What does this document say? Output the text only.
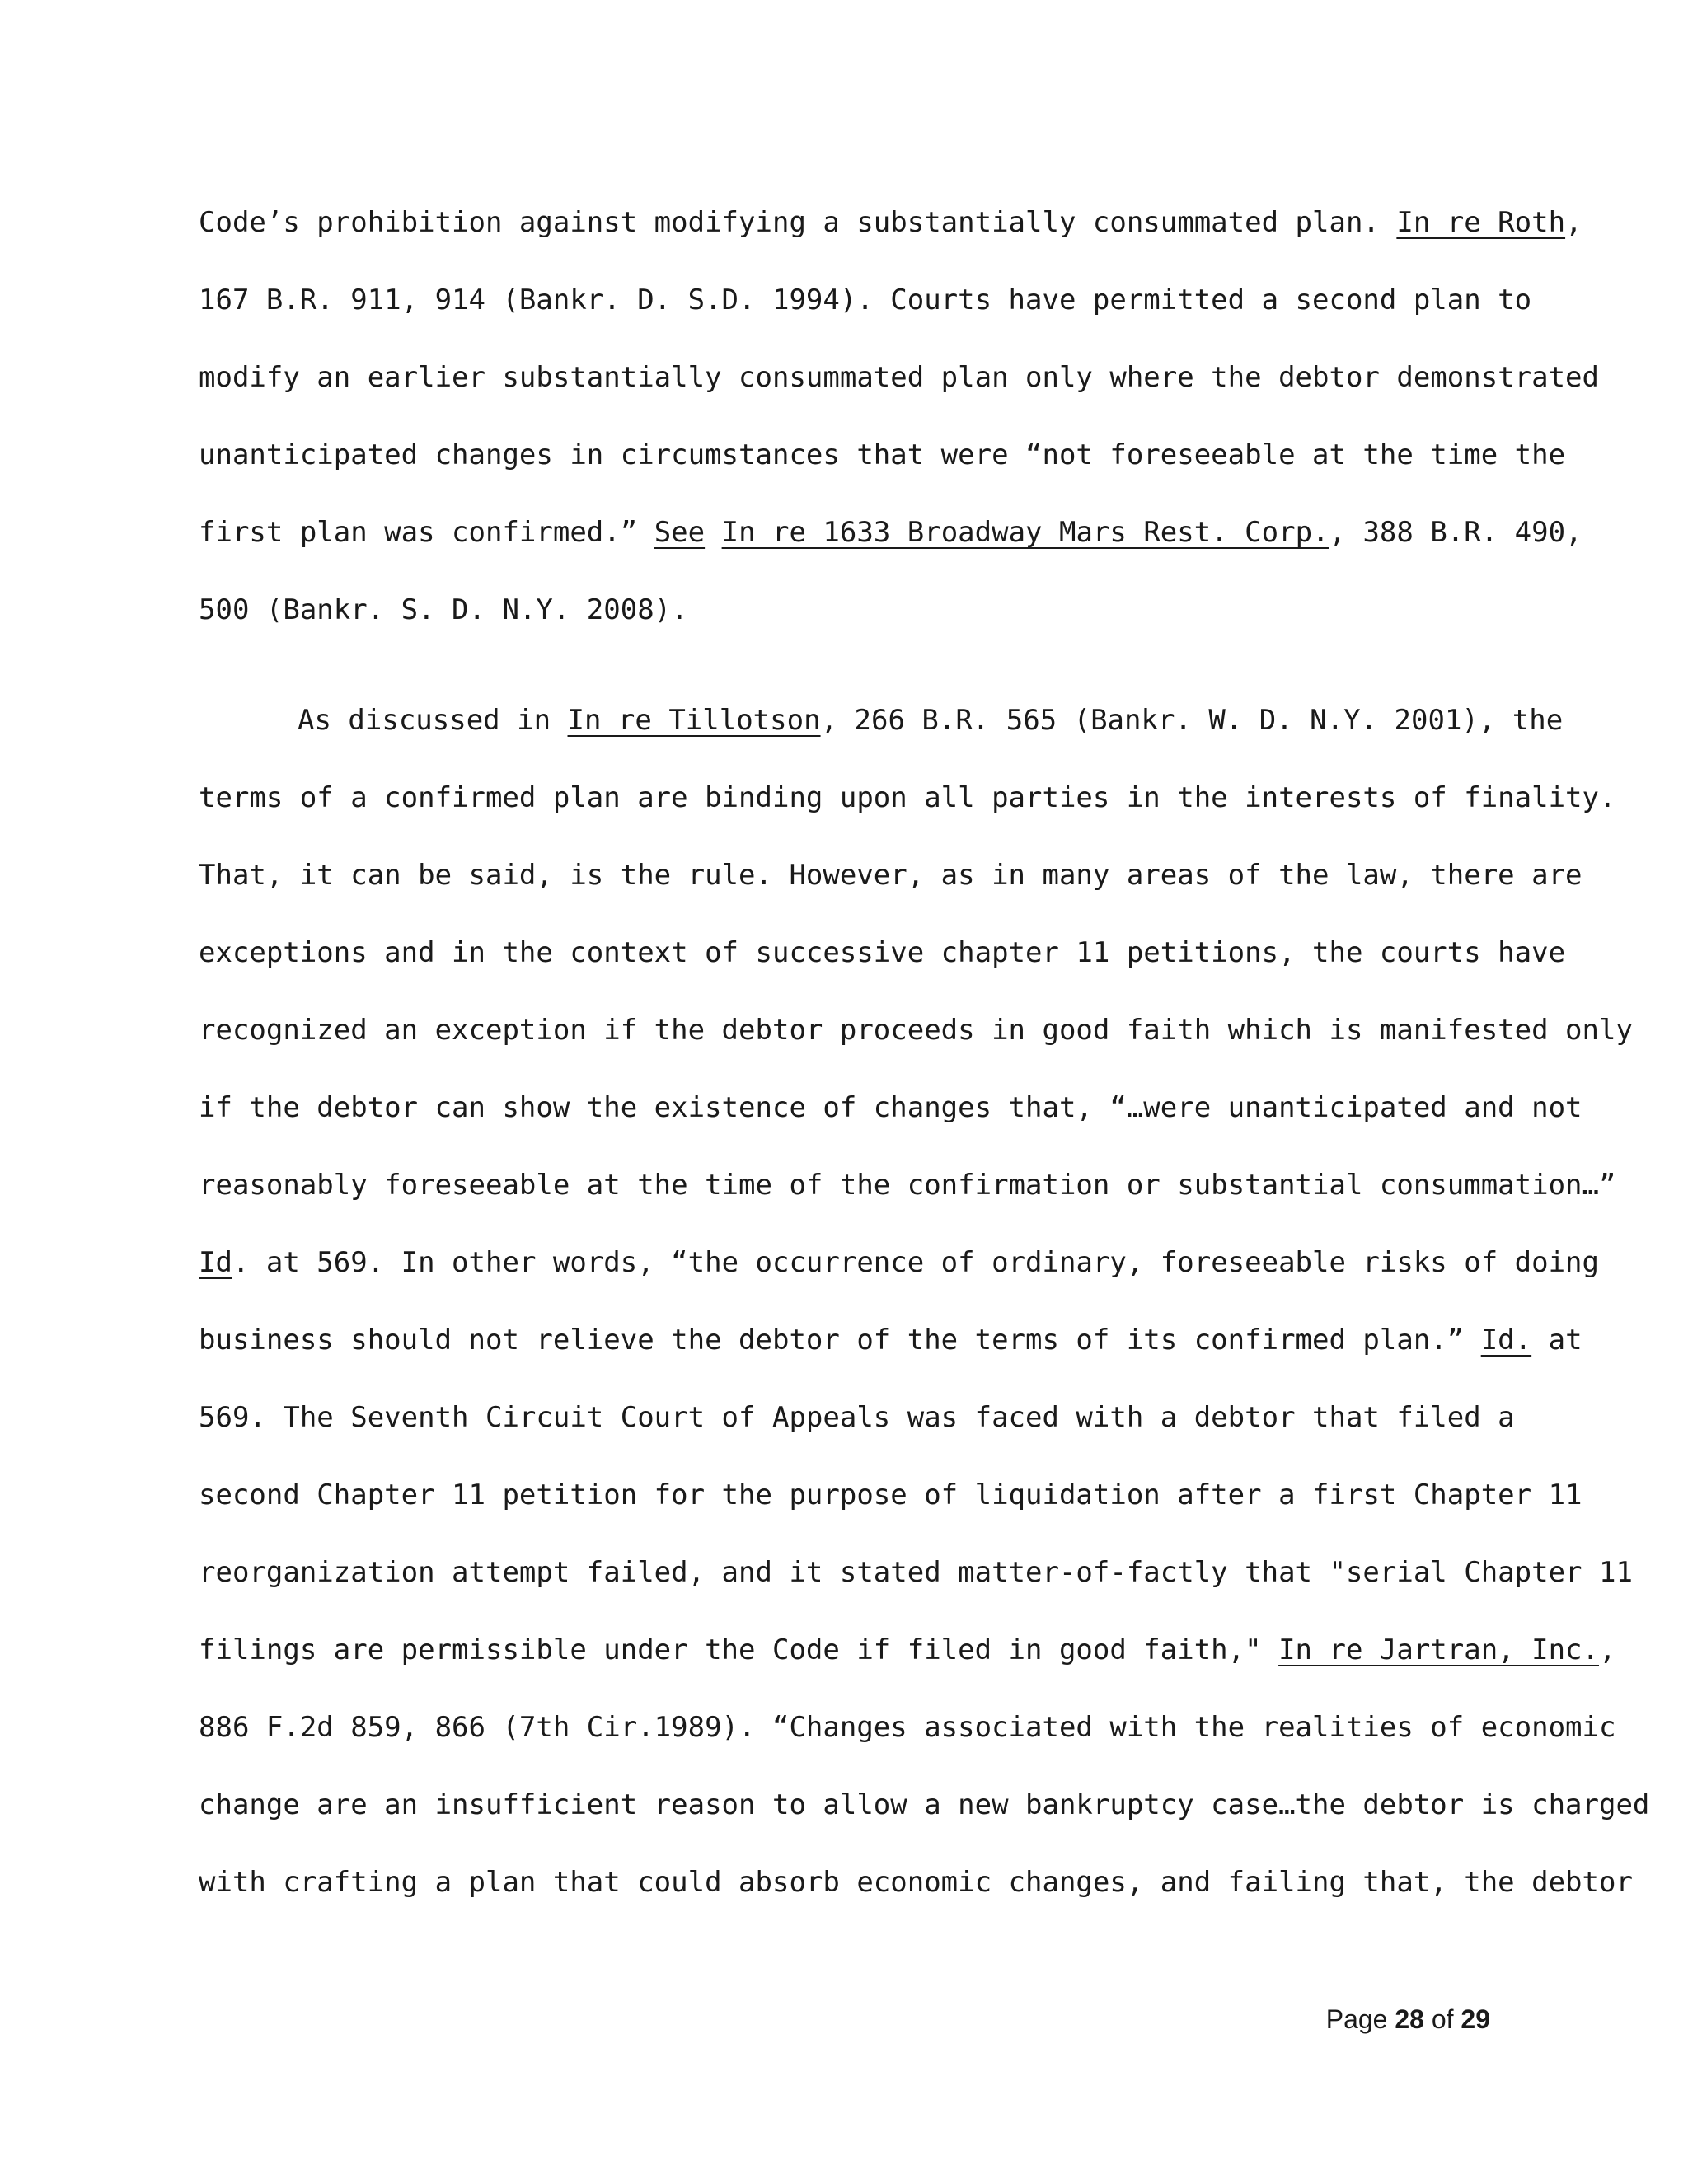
Code’s prohibition against modifying a substantially consummated plan. In re Roth,
167 B.R. 911, 914 (Bankr. D. S.D. 1994). Courts have permitted a second plan to
modify an earlier substantially consummated plan only where the debtor demonstrated
unanticipated changes in circumstances that were “not foreseeable at the time the
first plan was confirmed.” See In re 1633 Broadway Mars Rest. Corp., 388 B.R. 490,
500 (Bankr. S. D. N.Y. 2008).
As discussed in In re Tillotson, 266 B.R. 565 (Bankr. W. D. N.Y. 2001), the
terms of a confirmed plan are binding upon all parties in the interests of finality.
That, it can be said, is the rule. However, as in many areas of the law, there are
exceptions and in the context of successive chapter 11 petitions, the courts have
recognized an exception if the debtor proceeds in good faith which is manifested only
if the debtor can show the existence of changes that, “…were unanticipated and not
reasonably foreseeable at the time of the confirmation or substantial consummation…”
Id. at 569. In other words, “the occurrence of ordinary, foreseeable risks of doing
business should not relieve the debtor of the terms of its confirmed plan.” Id. at
569. The Seventh Circuit Court of Appeals was faced with a debtor that filed a
second Chapter 11 petition for the purpose of liquidation after a first Chapter 11
reorganization attempt failed, and it stated matter-of-factly that "serial Chapter 11
filings are permissible under the Code if filed in good faith," In re Jartran, Inc.,
886 F.2d 859, 866 (7th Cir.1989). “Changes associated with the realities of economic
change are an insufficient reason to allow a new bankruptcy case…the debtor is charged
with crafting a plan that could absorb economic changes, and failing that, the debtor
Page 28 of 29
